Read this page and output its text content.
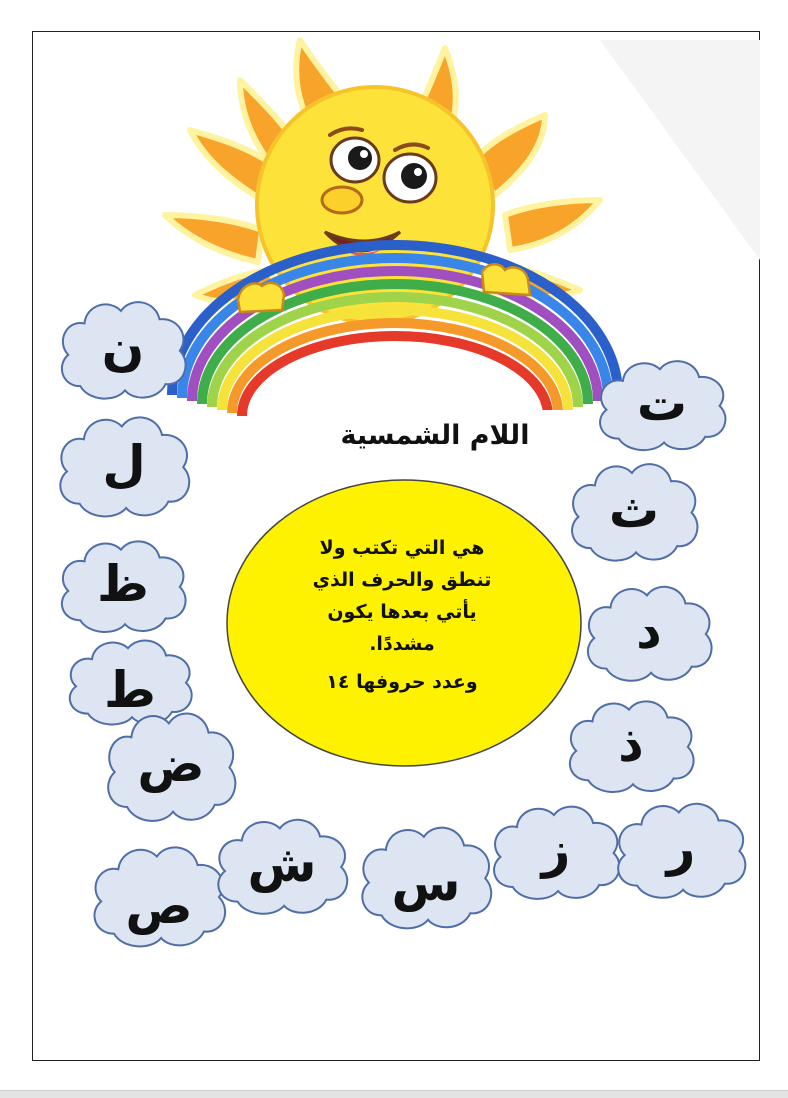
اللام الشمسية
هي التي تكتب ولا
تنطق والحرف الذي
يأتي بعدها يكون
مشددًا.
وعدد حروفها ١٤
ن
ل
ظ
ط
ض
ص
ش	س
ز	ر
ذ
د
ث
ت
